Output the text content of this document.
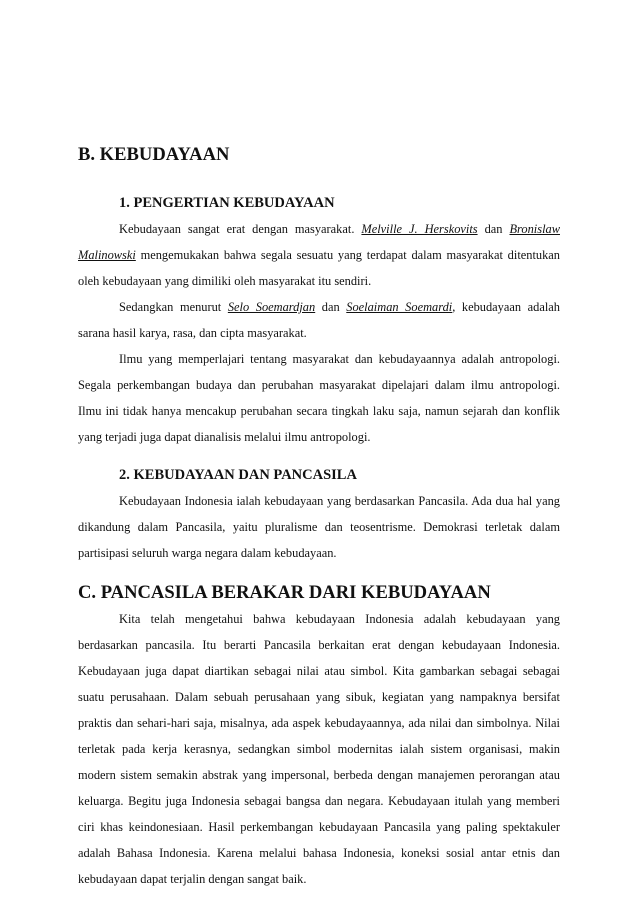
B. KEBUDAYAAN
1. PENGERTIAN KEBUDAYAAN

Kebudayaan sangat erat dengan masyarakat. Melville J. Herskovits dan Bronislaw Malinowski mengemukakan bahwa segala sesuatu yang terdapat dalam masyarakat ditentukan oleh kebudayaan yang dimiliki oleh masyarakat itu sendiri.

Sedangkan menurut Selo Soemardjan dan Soelaiman Soemardi, kebudayaan adalah sarana hasil karya, rasa, dan cipta masyarakat.

Ilmu yang memperlajari tentang masyarakat dan kebudayaannya adalah antropologi. Segala perkembangan budaya dan perubahan masyarakat dipelajari dalam ilmu antropologi. Ilmu ini tidak hanya mencakup perubahan secara tingkah laku saja, namun sejarah dan konflik yang terjadi juga dapat dianalisis melalui ilmu antropologi.

2. KEBUDAYAAN DAN PANCASILA

Kebudayaan Indonesia ialah kebudayaan yang berdasarkan Pancasila. Ada dua hal yang dikandung dalam Pancasila, yaitu pluralisme dan teosentrisme. Demokrasi terletak dalam partisipasi seluruh warga negara dalam kebudayaan.

C. PANCASILA BERAKAR DARI KEBUDAYAAN

Kita telah mengetahui bahwa kebudayaan Indonesia adalah kebudayaan yang berdasarkan pancasila. Itu berarti Pancasila berkaitan erat dengan kebudayaan Indonesia. Kebudayaan juga dapat diartikan sebagai nilai atau simbol. Kita gambarkan sebagai sebagai suatu perusahaan. Dalam sebuah perusahaan yang sibuk, kegiatan yang nampaknya bersifat praktis dan sehari-hari saja, misalnya, ada aspek kebudayaannya, ada nilai dan simbolnya. Nilai terletak pada kerja kerasnya, sedangkan simbol modernitas ialah sistem organisasi, makin modern sistem semakin abstrak yang impersonal, berbeda dengan manajemen perorangan atau keluarga. Begitu juga Indonesia sebagai bangsa dan negara. Kebudayaan itulah yang memberi ciri khas keindonesiaan. Hasil perkembangan kebudayaan Pancasila yang paling spektakuler adalah Bahasa Indonesia. Karena melalui bahasa Indonesia, koneksi sosial antar etnis dan kebudayaan dapat terjalin dengan sangat baik.
